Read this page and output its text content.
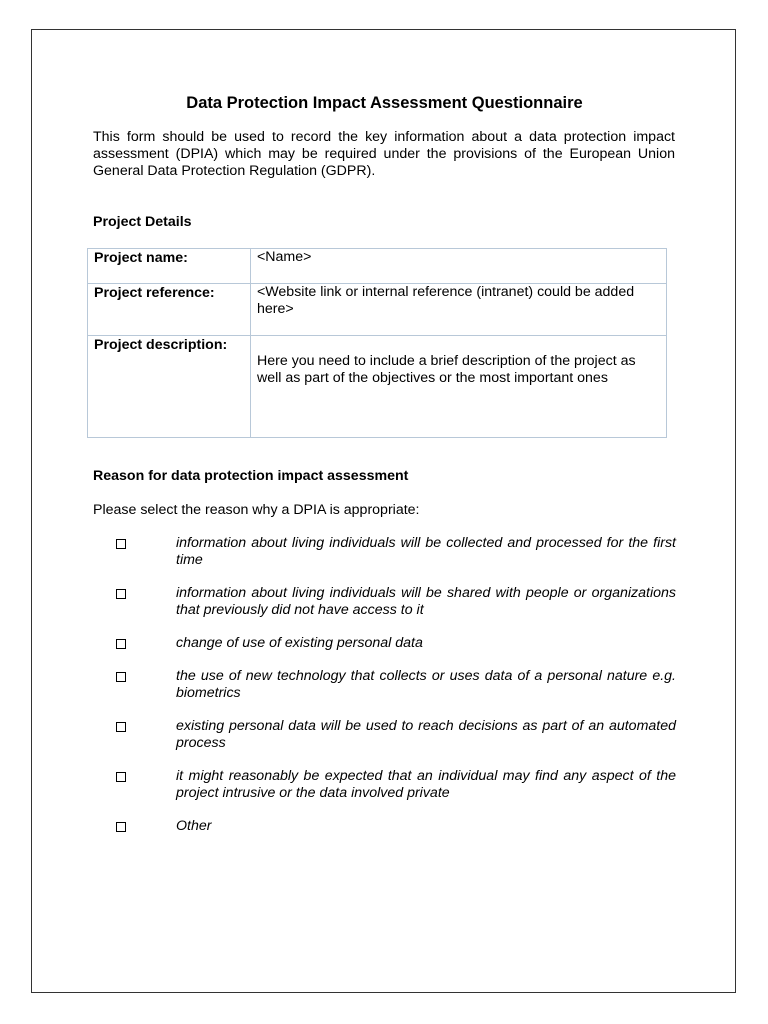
Data Protection Impact Assessment Questionnaire
This form should be used to record the key information about a data protection impact assessment (DPIA) which may be required under the provisions of the European Union General Data Protection Regulation (GDPR).
Project Details
Project name:	<Name>
Project reference:	<Website link or internal reference (intranet) could be added here>
Project description:	Here you need to include a brief description of the project as well as part of the objectives or the most important ones
Reason for data protection impact assessment
Please select the reason why a DPIA is appropriate:
information about living individuals will be collected and processed for the first time
information about living individuals will be shared with people or organizations that previously did not have access to it
change of use of existing personal data
the use of new technology that collects or uses data of a personal nature e.g. biometrics
existing personal data will be used to reach decisions as part of an automated process
it might reasonably be expected that an individual may find any aspect of the project intrusive or the data involved private
Other
